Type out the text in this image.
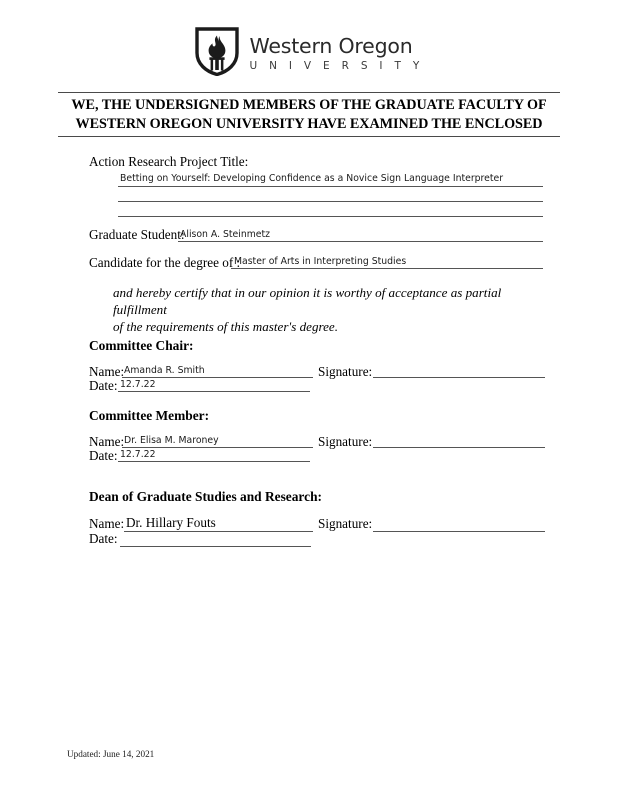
Western Oregon
U N I V E R S I T Y
WE, THE UNDERSIGNED MEMBERS OF THE GRADUATE FACULTY OF
WESTERN OREGON UNIVERSITY HAVE EXAMINED THE ENCLOSED
Action Research Project Title:
Betting on Yourself: Developing Confidence as a Novice Sign Language Interpreter
Graduate Student:
Alison A. Steinmetz
Candidate for the degree of :
Master of Arts in Interpreting Studies
and hereby certify that in our opinion it is worthy of acceptance as partial fulfillment
of the requirements of this master's degree.
Committee Chair:
Name: Amanda R. Smith	Signature:
Date: 12.7.22
Committee Member:
Name: Dr. Elisa M. Maroney	Signature:
Date: 12.7.22
Dean of Graduate Studies and Research:
Name: Dr. Hillary Fouts	Signature:
Date:
Updated: June 14, 2021
